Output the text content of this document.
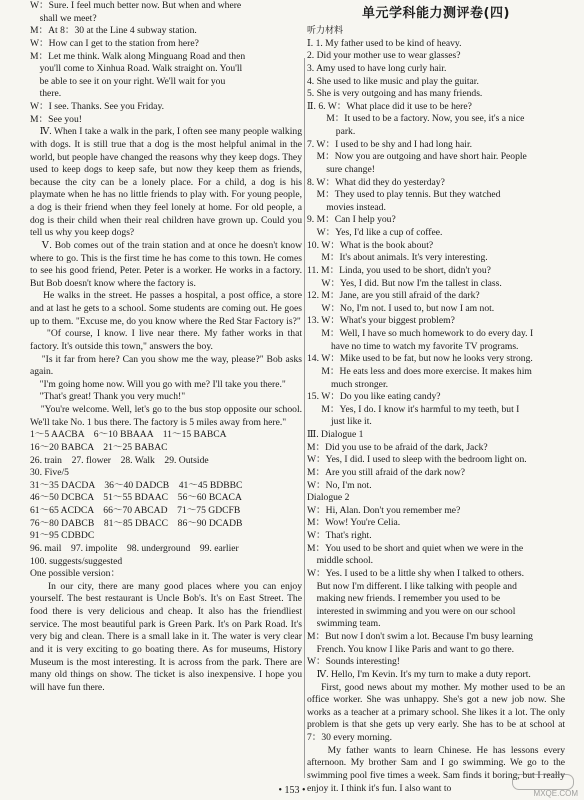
W：Sure. I feel much better now. But when and where

shall we meet?

M：At 8：30 at the Line 4 subway station.

W：How can I get to the station from here?

M：Let me think. Walk along Minguang Road and then

you'll come to Xinhua Road. Walk straight on. You'll

be able to see it on your right. We'll wait for you

there.

W：I see. Thanks. See you Friday.

M：See you!

Ⅳ. When I take a walk in the park, I often see many people walking with dogs. It is still true that a dog is the most helpful animal in the world, but people have changed the reasons why they keep dogs. They used to keep dogs to keep safe, but now they keep them as friends, because the city can be a lonely place. For a child, a dog is his playmate when he has no little friends to play with. For young people, a dog is their friend when they feel lonely at home. For old people, a dog is their child when their real children have grown up. Could you tell us why you keep dogs?

Ⅴ. Bob comes out of the train station and at once he doesn't know where to go. This is the first time he has come to this town. He comes to see his good friend, Peter. Peter is a worker. He works in a factory. But Bob doesn't know where the factory is.

He walks in the street. He passes a hospital, a post office, a store and at last he gets to a school. Some students are coming out. He goes up to them. "Excuse me, do you know where the Red Star Factory is?"

"Of course, I know. I live near there. My father works in that factory. It's outside this town," answers the boy.

"Is it far from here? Can you show me the way, please?" Bob asks again.

"I'm going home now. Will you go with me? I'll take you there."

"That's great! Thank you very much!"

"You're welcome. Well, let's go to the bus stop opposite our school. We'll take No. 1 bus there. The factory is 5 miles away from here."

1～5 AACBA    6～10 BBAAA    11～15 BABCA

16～20 BABCA    21～25 BABAC

26. train    27. flower    28. Walk    29. Outside

30. Five/5

31～35 DACDA    36～40 DADCB    41～45 BDBBC

46～50 DCBCA    51～55 BDAAC    56～60 BCACA

61～65 ACDCA    66～70 ABCAD    71～75 GDCFB

76～80 DABCB    81～85 DBACC    86～90 DCADB

91～95 CDBDC

96. mail    97. impolite    98. underground    99. earlier

100. suggests/suggested

One possible version：

In our city, there are many good places where you can enjoy yourself. The best restaurant is Uncle Bob's. It's on East Street. The food there is very delicious and cheap. It also has the friendliest service. The most beautiful park is Green Park. It's on Park Road. It's very big and clean. There is a small lake in it. The water is very clear and it is very exciting to go boating there. As for museums, History Museum is the most interesting. It is across from the park. There are many old things on show. The ticket is also inexpensive. I hope you will have fun there.

单元学科能力测评卷(四)

听力材料

Ⅰ. 1. My father used to be kind of heavy.

2. Did your mother use to wear glasses?

3. Amy used to have long curly hair.

4. She used to like music and play the guitar.

5. She is very outgoing and has many friends.

Ⅱ. 6. W：What place did it use to be here?

M：It used to be a factory. Now, you see, it's a nice

park.

7. W：I used to be shy and I had long hair.

M：Now you are outgoing and have short hair. People

sure change!

8. W：What did they do yesterday?

M：They used to play tennis. But they watched

movies instead.

9. M：Can I help you?

W：Yes, I'd like a cup of coffee.

10. W：What is the book about?

M：It's about animals. It's very interesting.

11. M：Linda, you used to be short, didn't you?

W：Yes, I did. But now I'm the tallest in class.

12. M：Jane, are you still afraid of the dark?

W：No, I'm not. I used to, but now I am not.

13. W：What's your biggest problem?

M：Well, I have so much homework to do every day. I

have no time to watch my favorite TV programs.

14. W：Mike used to be fat, but now he looks very strong.

M：He eats less and does more exercise. It makes him

much stronger.

15. W：Do you like eating candy?

M：Yes, I do. I know it's harmful to my teeth, but I

just like it.

Ⅲ. Dialogue 1

M：Did you use to be afraid of the dark, Jack?

W：Yes, I did. I used to sleep with the bedroom light on.

M：Are you still afraid of the dark now?

W：No, I'm not.

Dialogue 2

W：Hi, Alan. Don't you remember me?

M：Wow! You're Celia.

W：That's right.

M：You used to be short and quiet when we were in the

middle school.

W：Yes. I used to be a little shy when I talked to others.

But now I'm different. I like talking with people and

making new friends. I remember you used to be

interested in swimming and you were on our school

swimming team.

M：But now I don't swim a lot. Because I'm busy learning

French. You know I like Paris and want to go there.

W：Sounds interesting!

Ⅳ. Hello, I'm Kevin. It's my turn to make a duty report.

First, good news about my mother. My mother used to be an office worker. She was unhappy. She's got a new job now. She works as a teacher at a primary school. She likes it a lot. The only problem is that she gets up very early. She has to be at school at 7：30 every morning.

My father wants to learn Chinese. He has lessons every afternoon. My brother Sam and I go swimming. We go to the swimming pool five times a week. Sam finds it boring, but I really enjoy it. I think it's fun. I also want to

• 153 •	MXQE.COM
